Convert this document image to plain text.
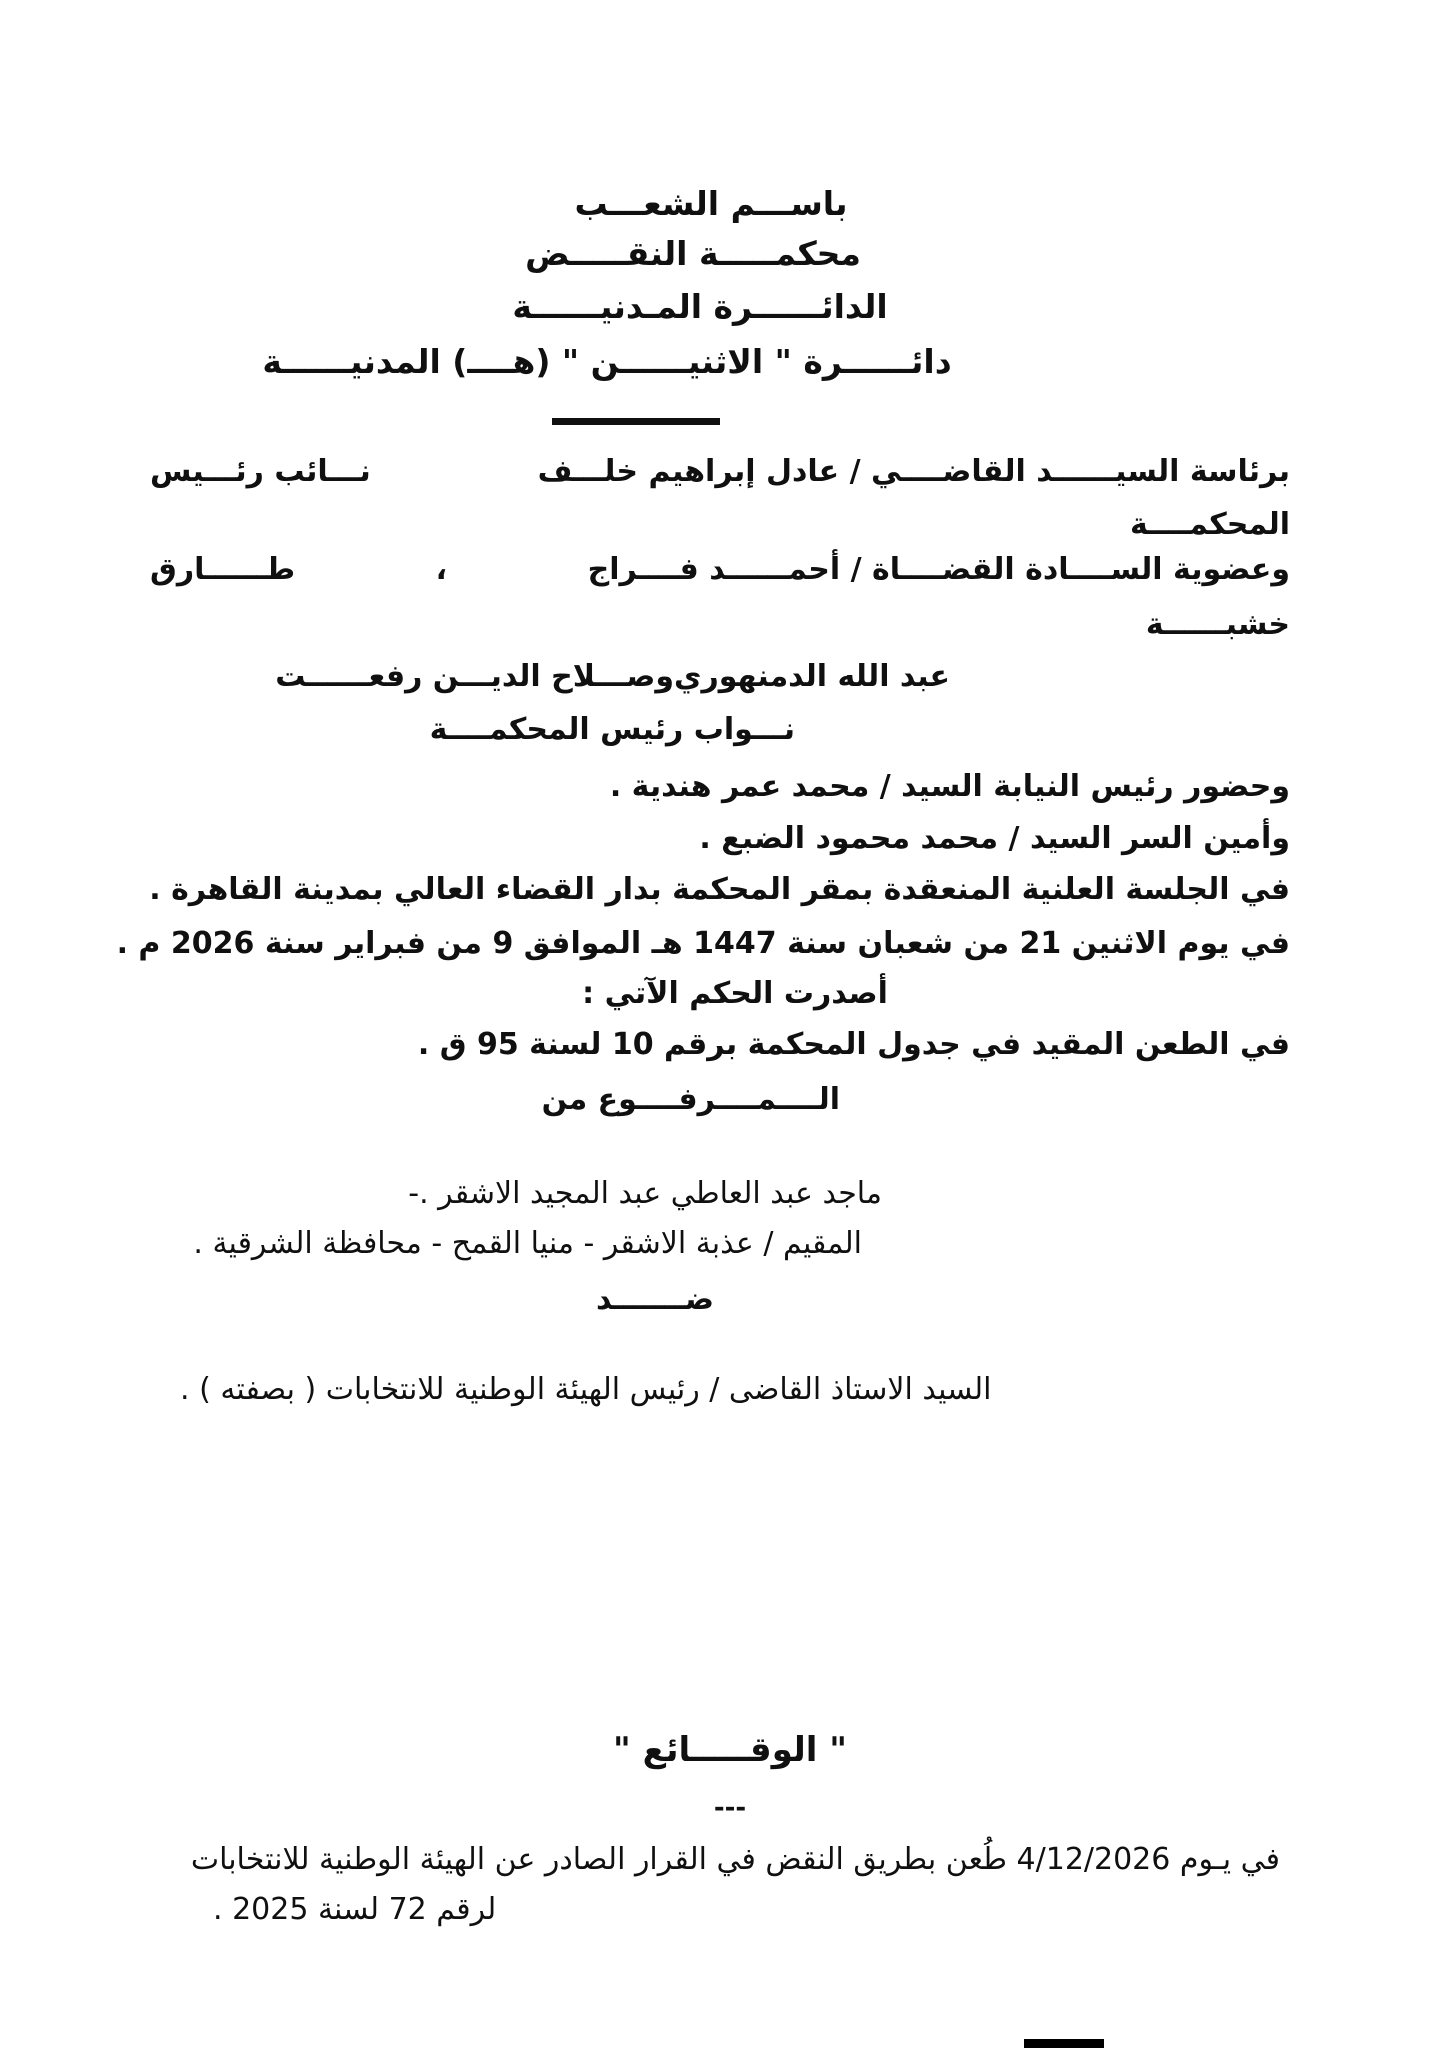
باســـم الشعـــب
محكمـــــة النقـــــض
الدائــــــرة المـدنيــــــة
دائــــــرة " الاثنيــــــن " (هــــ) المدنيــــــة
برئاسة السيــــــد القاضــــي / عادل إبراهيم خلـــف
نـــائب رئـــيس
المحكمــــة
وعضوية الســــادة القضــــاة / أحمــــــد فــــراج
،
طــــــارق
خشبــــــة
عبد الله الدمنهوري
و
صـــلاح الديـــن رفعــــــت
نـــواب رئيس المحكمــــة
وحضور رئيس النيابة السيد / محمد عمر هندية .
وأمين السر السيد / محمد محمود الضبع .
في الجلسة العلنية المنعقدة بمقر المحكمة بدار القضاء العالي بمدينة القاهرة .
في يوم الاثنين 21 من شعبان سنة 1447 هـ الموافق 9 من فبراير سنة 2026 م .
أصدرت الحكم الآتي :
في الطعن المقيد في جدول المحكمة برقم 10 لسنة 95 ق .
الــــمــــرفــــوع من
ماجد عبد العاطي عبد المجيد الاشقر .
-
المقيم / عذبة الاشقر - منيا القمح - محافظة الشرقية .
ضـــــــد
السيد الاستاذ القاضى / رئيس الهيئة الوطنية للانتخابات ( بصفته ) .
" الوقـــــائع "
---
في يـوم 4/12/2026 طُعن بطريق النقض في القرار الصادر عن الهيئة الوطنية للانتخابات
لرقم 72 لسنة 2025 .
